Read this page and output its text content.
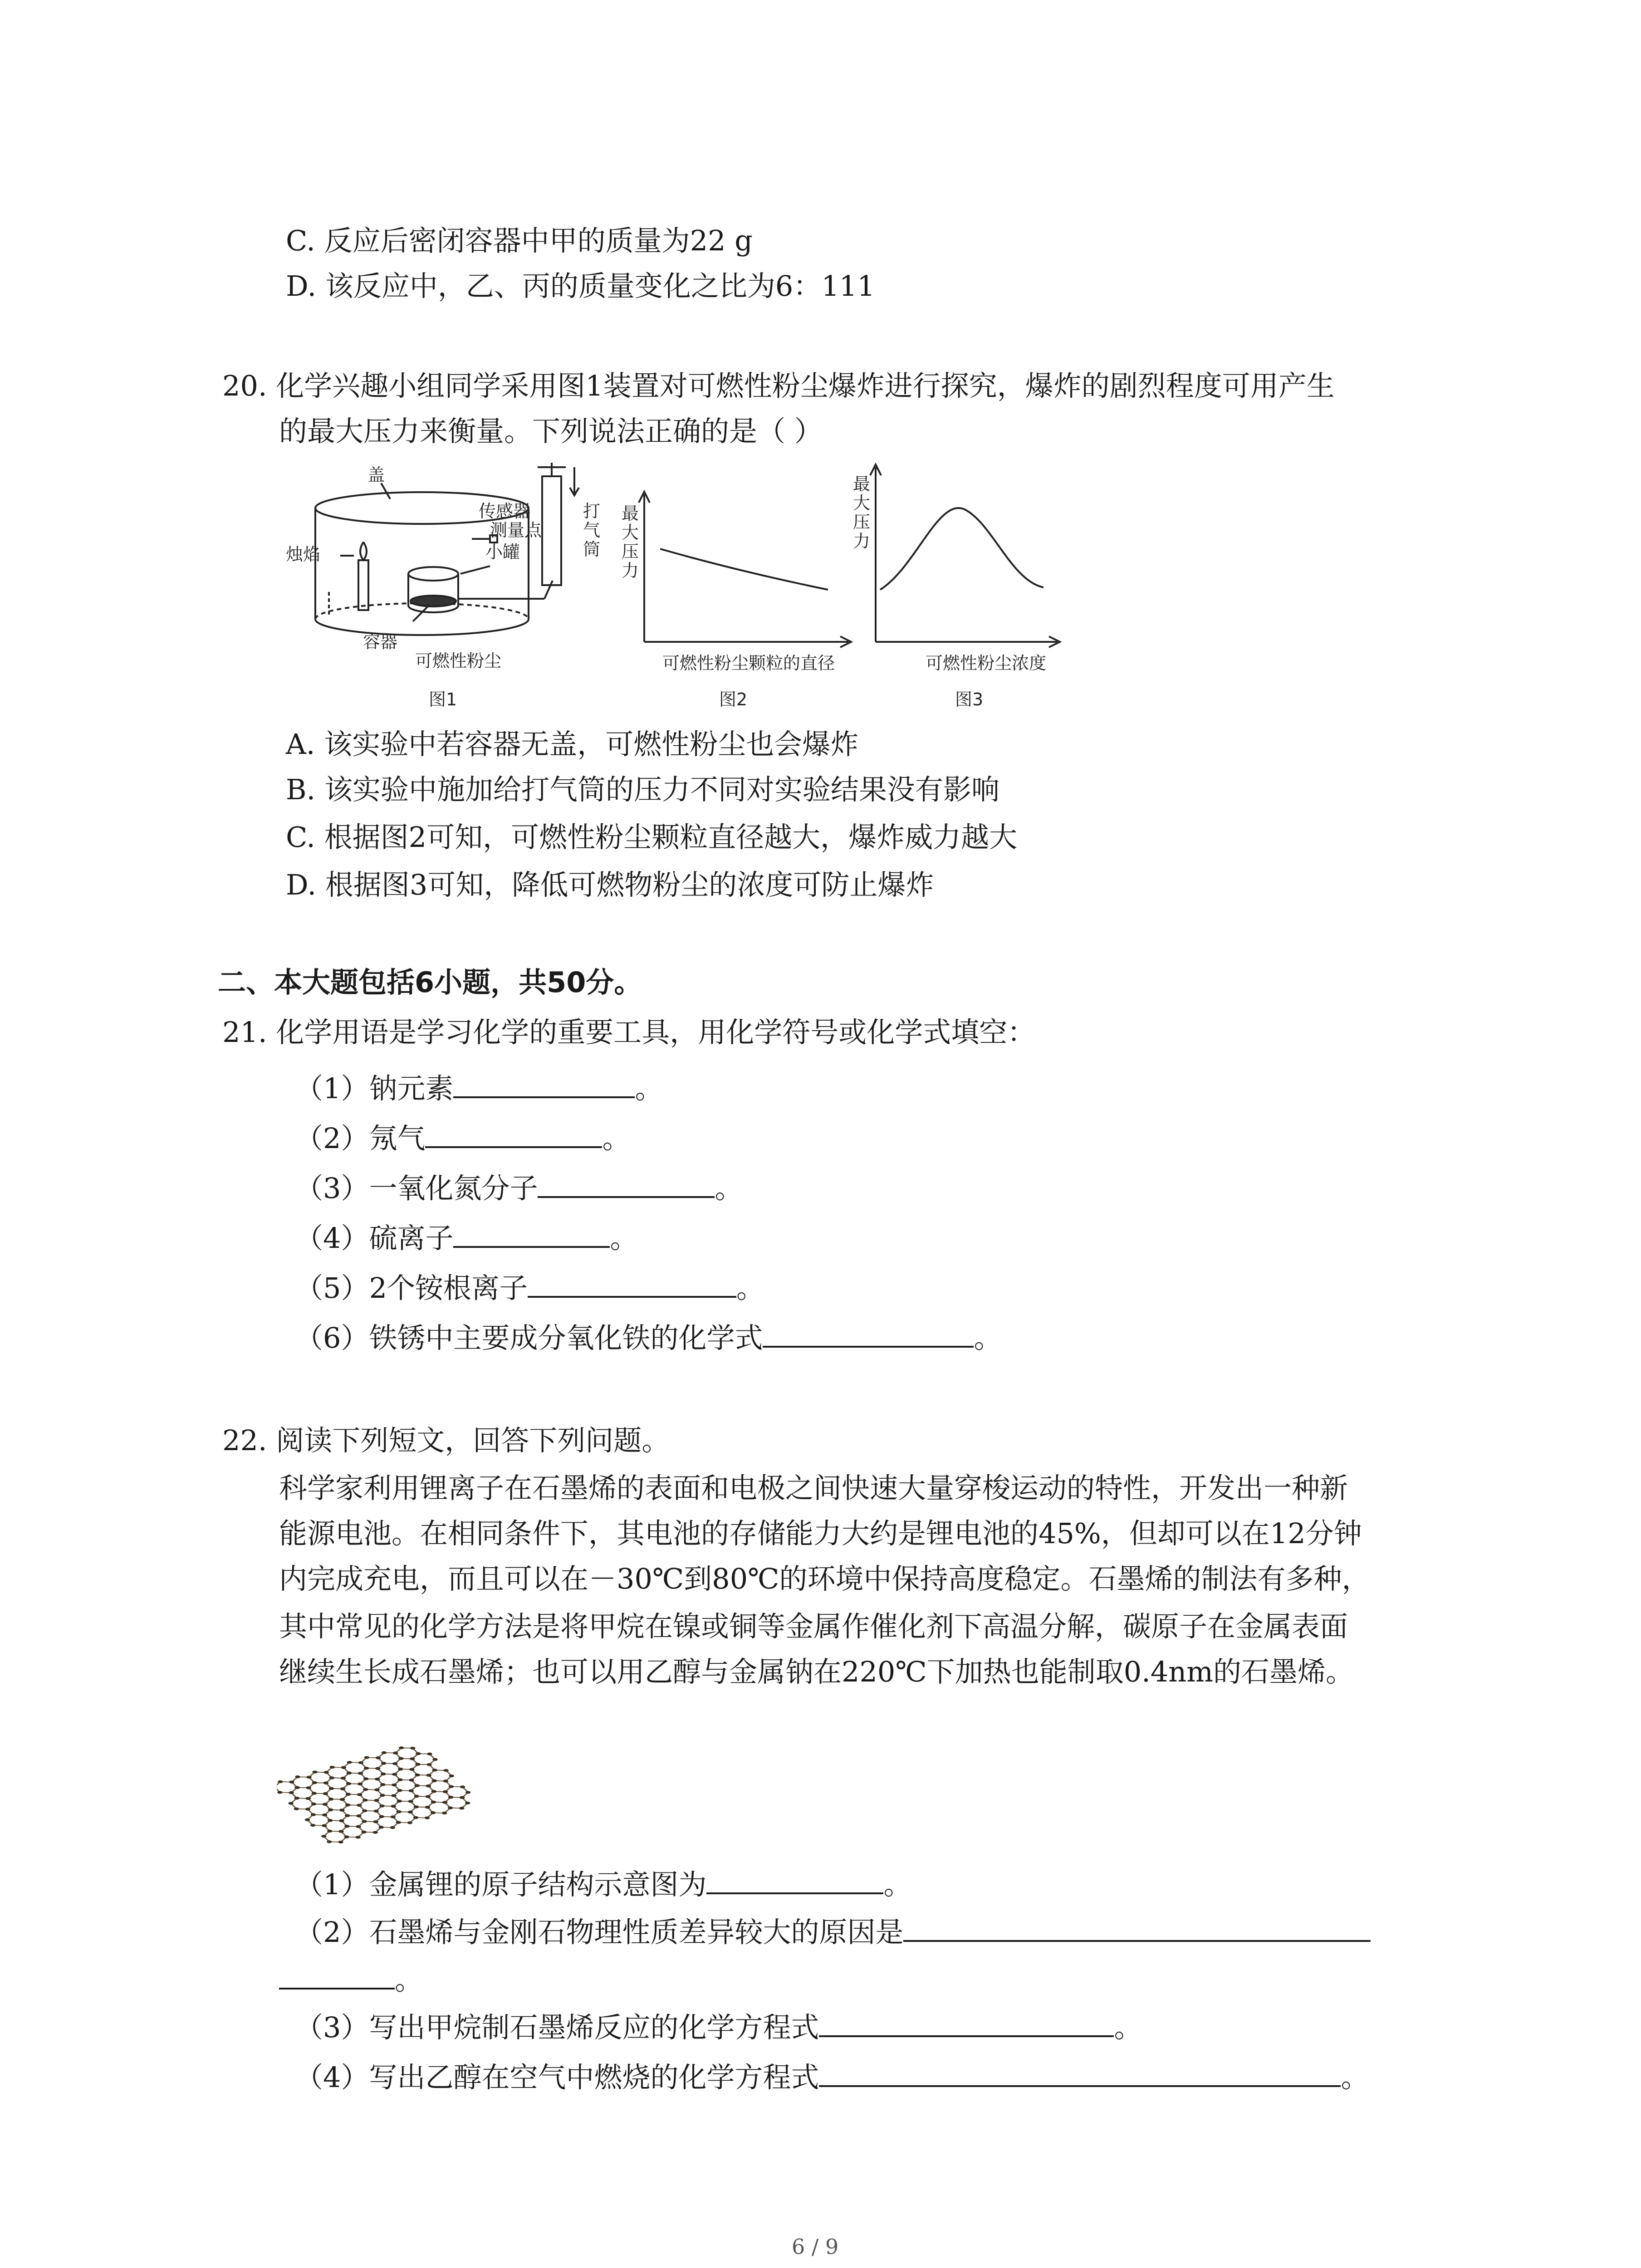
C. 反应后密闭容器中甲的质量为22 g
D. 该反应中，乙、丙的质量变化之比为6：111
20. 化学兴趣小组同学采用图1装置对可燃性粉尘爆炸进行探究，爆炸的剧烈程度可用产生
的最大压力来衡量。下列说法正确的是（ ）
盖
烛焰
传感器
测量点
小罐
打
气
筒
容器
可燃性粉尘
图1
最
大
压
力
可燃性粉尘颗粒的直径
图2
最
大
压
力
可燃性粉尘浓度
图3
A. 该实验中若容器无盖，可燃性粉尘也会爆炸
B. 该实验中施加给打气筒的压力不同对实验结果没有影响
C. 根据图2可知，可燃性粉尘颗粒直径越大，爆炸威力越大
D. 根据图3可知，降低可燃物粉尘的浓度可防止爆炸
二、本大题包括6小题，共50分。
21. 化学用语是学习化学的重要工具，用化学符号或化学式填空：
（1）钠元素	。
（2）氖气	。
（3）一氧化氮分子	。
（4）硫离子	。
（5）2个铵根离子	。
（6）铁锈中主要成分氧化铁的化学式	。
22. 阅读下列短文，回答下列问题。
科学家利用锂离子在石墨烯的表面和电极之间快速大量穿梭运动的特性，开发出一种新
能源电池。在相同条件下，其电池的存储能力大约是锂电池的45%，但却可以在12分钟
内完成充电，而且可以在－30℃到80℃的环境中保持高度稳定。石墨烯的制法有多种，
其中常见的化学方法是将甲烷在镍或铜等金属作催化剂下高温分解，碳原子在金属表面
继续生长成石墨烯；也可以用乙醇与金属钠在220℃下加热也能制取0.4nm的石墨烯。
（1）金属锂的原子结构示意图为	。
（2）石墨烯与金刚石物理性质差异较大的原因是
。
（3）写出甲烷制石墨烯反应的化学方程式	。
（4）写出乙醇在空气中燃烧的化学方程式	。
6 / 9
